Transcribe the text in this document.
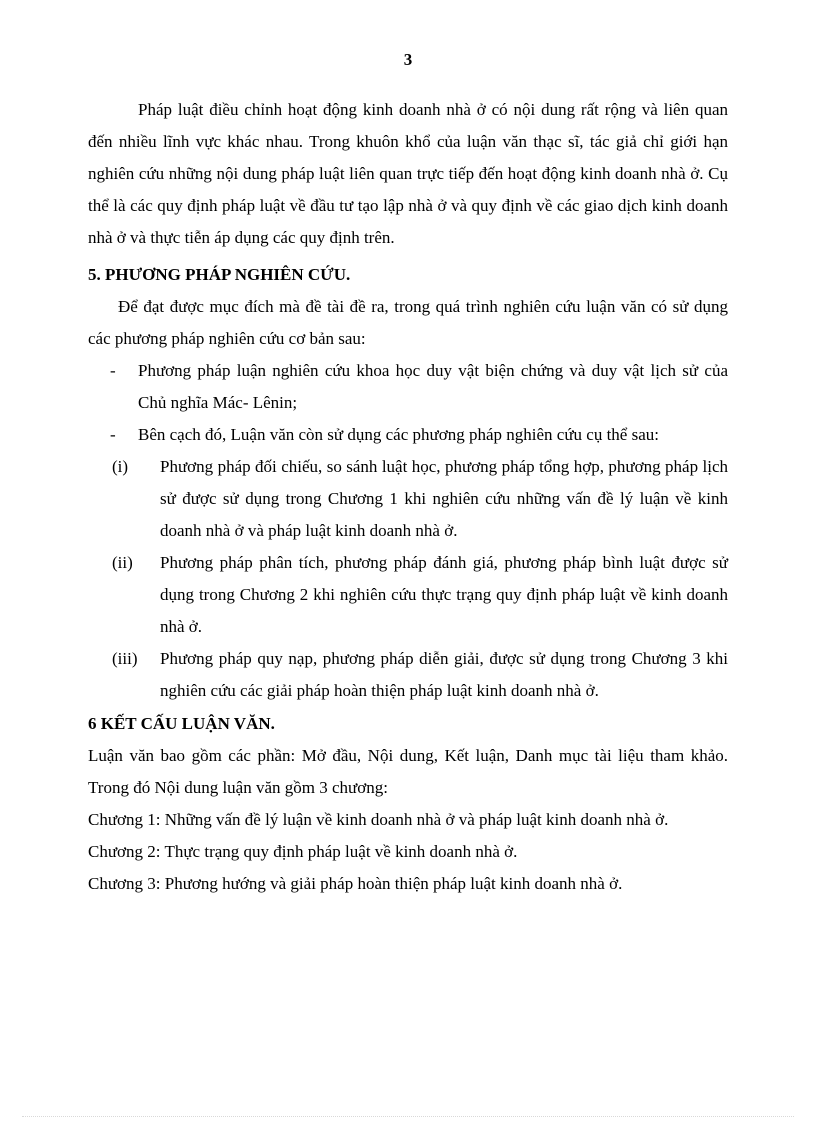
3

Pháp luật điều chỉnh hoạt động kinh doanh nhà ở có nội dung rất rộng và liên quan đến nhiều lĩnh vực khác nhau. Trong khuôn khổ của luận văn thạc sĩ, tác giả chỉ giới hạn nghiên cứu những nội dung pháp luật liên quan trực tiếp đến hoạt động kinh doanh nhà ở. Cụ thể là các quy định pháp luật về đầu tư tạo lập nhà ở và quy định về các giao dịch kinh doanh nhà ở và thực tiễn áp dụng các quy định trên.

5. PHƯƠNG PHÁP NGHIÊN CỨU.

Để đạt được mục đích mà đề tài đề ra, trong quá trình nghiên cứu luận văn có sử dụng các phương pháp nghiên cứu cơ bản sau:

-	Phương pháp luận nghiên cứu khoa học duy vật biện chứng và duy vật lịch sử của Chủ nghĩa Mác- Lênin;
-	Bên cạch đó, Luận văn còn sử dụng các phương pháp nghiên cứu cụ thể sau:
(i)	Phương pháp đối chiếu, so sánh luật học, phương pháp tổng hợp, phương pháp lịch sử được sử dụng trong Chương 1 khi nghiên cứu những vấn đề lý luận về kinh doanh nhà ở và pháp luật kinh doanh nhà ở.
(ii)	Phương pháp phân tích, phương pháp đánh giá, phương pháp bình luật được sử dụng trong Chương 2 khi nghiên cứu thực trạng quy định pháp luật về kinh doanh nhà ở.
(iii)	Phương pháp quy nạp, phương pháp diễn giải, được sử dụng trong Chương 3 khi nghiên cứu các giải pháp hoàn thiện pháp luật kinh doanh nhà ở.

6 KẾT CẤU LUẬN VĂN.

Luận văn bao gồm các phần: Mở đầu, Nội dung, Kết luận, Danh mục tài liệu tham khảo. Trong đó Nội dung luận văn gồm 3 chương:

Chương 1: Những vấn đề lý luận về kinh doanh nhà ở và pháp luật kinh doanh nhà ở.

Chương 2: Thực trạng quy định pháp luật về kinh doanh nhà ở.

Chương 3: Phương hướng và giải pháp hoàn thiện pháp luật kinh doanh nhà ở.
